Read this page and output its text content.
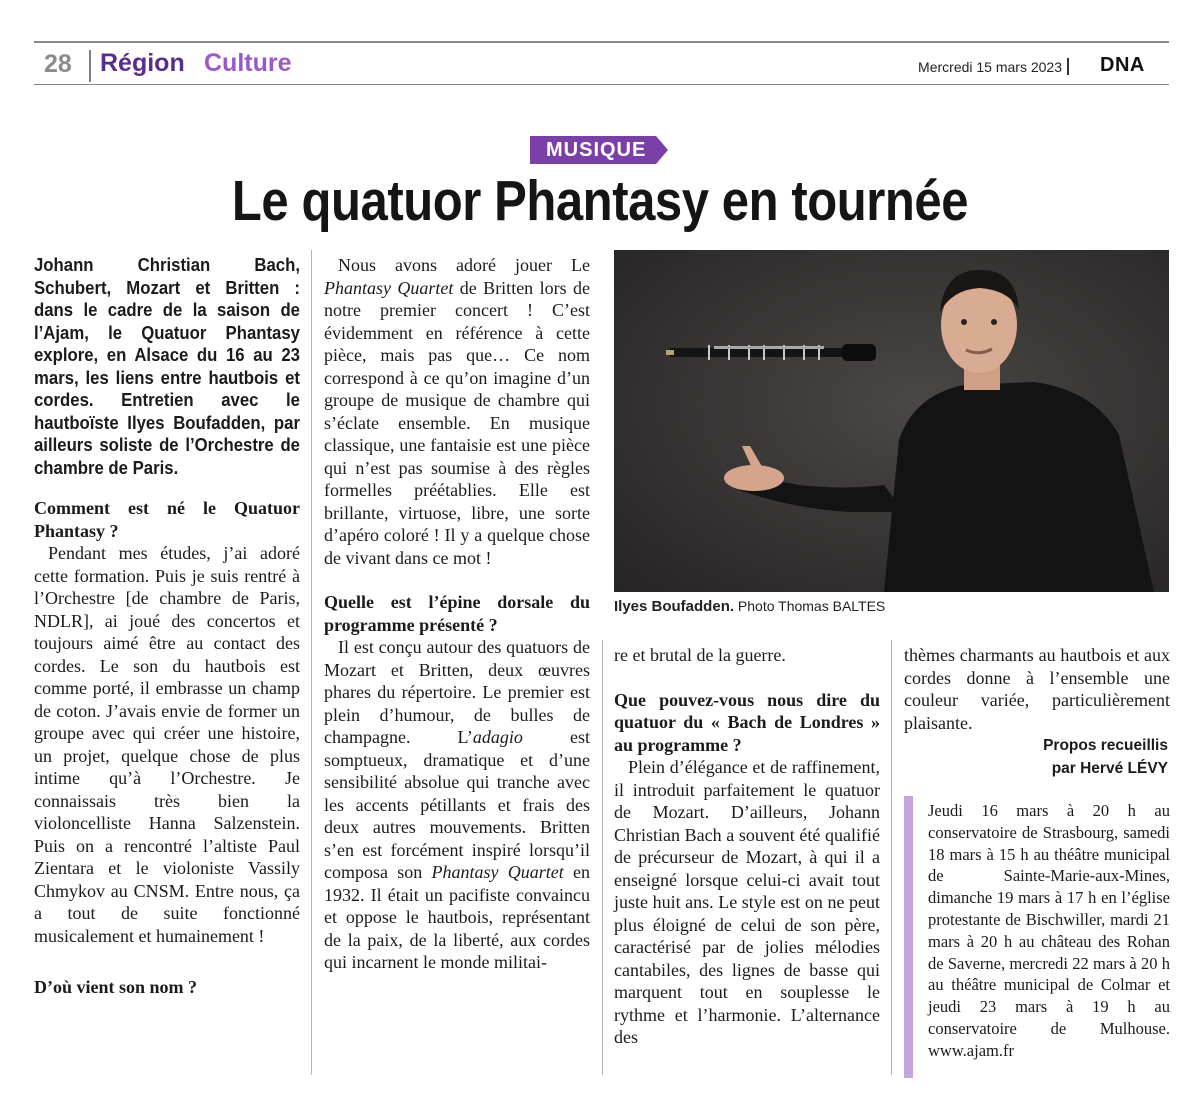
28 Région Culture	Mercredi 15 mars 2023 DNA
MUSIQUE
Le quatuor Phantasy en tournée

Johann Christian Bach, Schubert, Mozart et Britten : dans le cadre de la saison de l’Ajam, le Quatuor Phantasy explore, en Alsace du 16 au 23 mars, les liens entre hautbois et cordes. Entretien avec le hautboïste Ilyes Boufadden, par ailleurs soliste de l’Orchestre de chambre de Paris.

Comment est né le Quatuor Phantasy ?

Pendant mes études, j’ai adoré cette formation. Puis je suis rentré à l’Orchestre [de chambre de Paris, NDLR], ai joué des concertos et toujours aimé être au contact des cordes. Le son du hautbois est comme porté, il embrasse un champ de coton. J’avais envie de former un groupe avec qui créer une histoire, un projet, quelque chose de plus intime qu’à l’Orchestre. Je connaissais très bien la violoncelliste Hanna Salzenstein. Puis on a rencontré l’altiste Paul Zientara et le violoniste Vassily Chmykov au CNSM. Entre nous, ça a tout de suite fonctionné musicalement et humainement !

D’où vient son nom ?

Nous avons adoré jouer Le Phantasy Quartet de Britten lors de notre premier concert ! C’est évidemment en référence à cette pièce, mais pas que… Ce nom correspond à ce qu’on imagine d’un groupe de musique de chambre qui s’éclate ensemble. En musique classique, une fantaisie est une pièce qui n’est pas soumise à des règles formelles préétablies. Elle est brillante, virtuose, libre, une sorte d’apéro coloré ! Il y a quelque chose de vivant dans ce mot !

Quelle est l’épine dorsale du programme présenté ?

Il est conçu autour des quatuors de Mozart et Britten, deux œuvres phares du répertoire. Le premier est plein d’humour, de bulles de champagne. L’adagio est somptueux, dramatique et d’une sensibilité absolue qui tranche avec les accents pétillants et frais des deux autres mouvements. Britten s’en est forcément inspiré lorsqu’il composa son Phantasy Quartet en 1932. Il était un pacifiste convaincu et oppose le hautbois, représentant de la paix, de la liberté, aux cordes qui incarnent le monde militai-

Ilyes Boufadden. Photo Thomas BALTES

re et brutal de la guerre.

Que pouvez-vous nous dire du quatuor du « Bach de Londres » au programme ?

Plein d’élégance et de raffinement, il introduit parfaitement le quatuor de Mozart. D’ailleurs, Johann Christian Bach a souvent été qualifié de précurseur de Mozart, à qui il a enseigné lorsque celui-ci avait tout juste huit ans. Le style est on ne peut plus éloigné de celui de son père, caractérisé par de jolies mélodies cantabiles, des lignes de basse qui marquent tout en souplesse le rythme et l’harmonie. L’alternance des

thèmes charmants au hautbois et aux cordes donne à l’ensemble une couleur variée, particulièrement plaisante.

Propos recueillis
par Hervé LÉVY
Jeudi 16 mars à 20 h au conservatoire de Strasbourg, samedi 18 mars à 15 h au théâtre municipal de Sainte-Marie-aux-Mines, dimanche 19 mars à 17 h en l’église protestante de Bischwiller, mardi 21 mars à 20 h au château des Rohan de Saverne, mercredi 22 mars à 20 h au théâtre municipal de Colmar et jeudi 23 mars à 19 h au conservatoire de Mulhouse. www.ajam.fr
